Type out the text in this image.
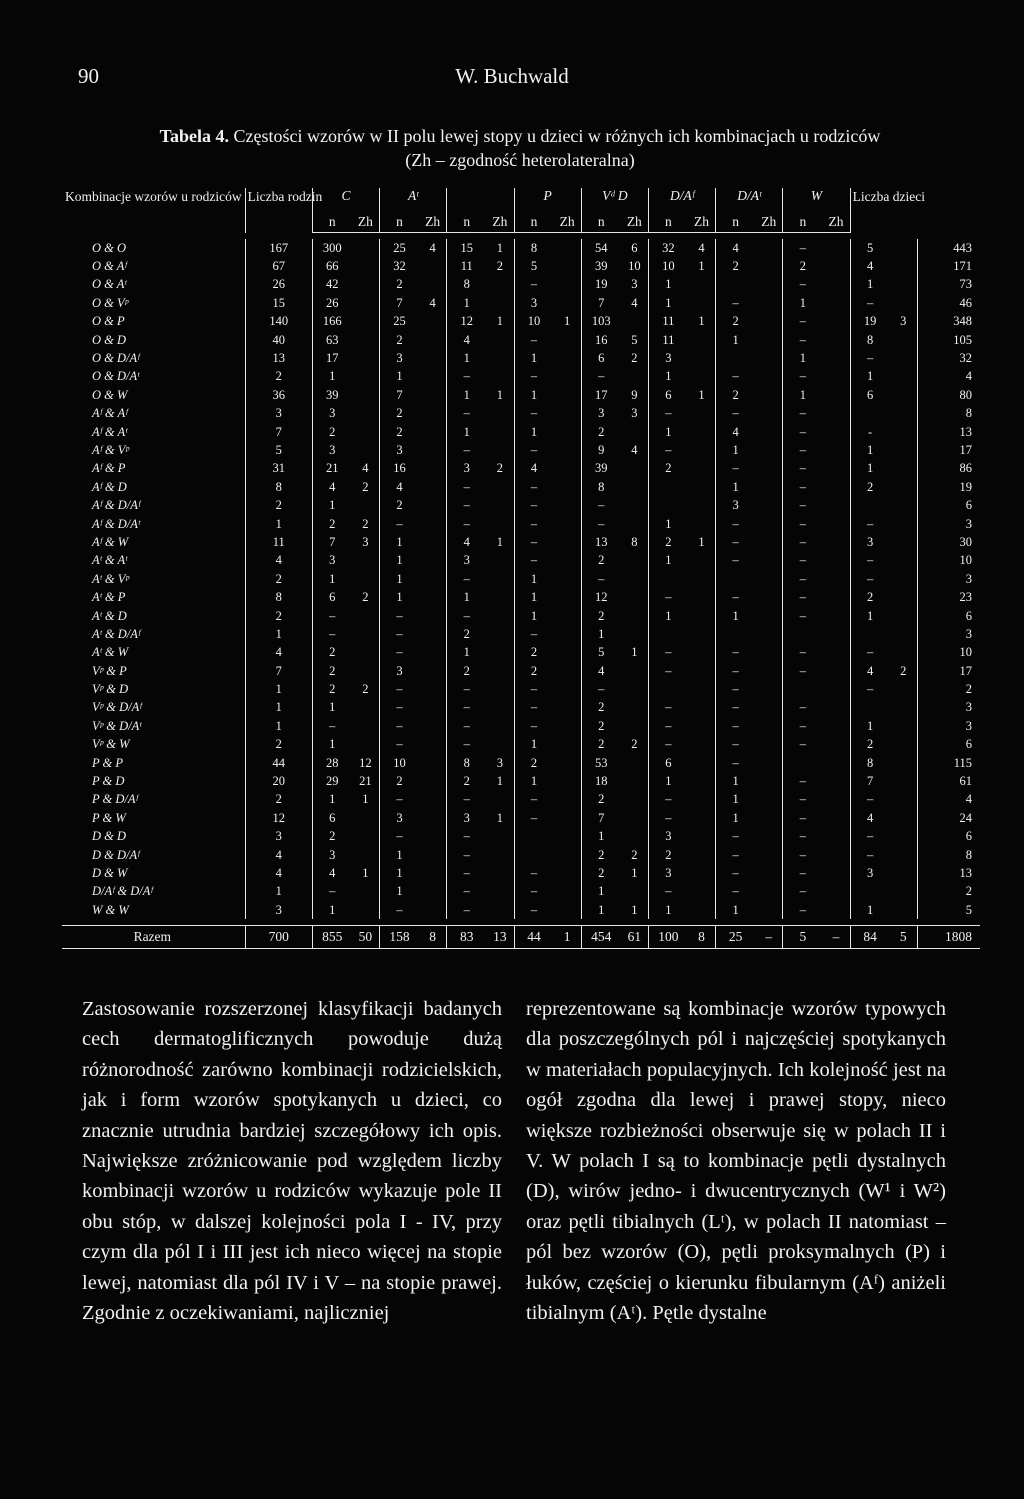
90	W. Buchwald
Tabela 4. Częstości wzorów w II polu lewej stopy u dzieci w różnych ich kombinacjach u rodziców
(Zh – zgodność heterolateralna)
Kombinacje wzorów u rodziców	Liczba rodzin	C		Aᵗ				P		Vᵈ D		D/Aᶠ		D/Aᵗ		W		Liczba dzieci		
		n	Zh	n	Zh	n	Zh	n	Zh	n	Zh	n	Zh	n	Zh	n	Zh			

O & O	167	300		25	4	15	1	8		54	6	32	4	4		–		5		443
O & Aᶠ	67	66		32		11	2	5		39	10	10	1	2		2		4		171
O & Aᵗ	26	42		2		8		–		19	3	1				–		1		73
O & Vᵖ	15	26		7	4	1		3		7	4	1		–		1		–		46
O & P	140	166		25		12	1	10	1	103		11	1	2		–		19	3	348
O & D	40	63		2		4		–		16	5	11		1		–		8		105
O & D/Aᶠ	13	17		3		1		1		6	2	3				1		–		32
O & D/Aᵗ	2	1		1		–		–		–		1		–		–		1		4
O & W	36	39		7		1	1	1		17	9	6	1	2		1		6		80
Aᶠ & Aᶠ	3	3		2		–		–		3	3	–		–		–				8
Aᶠ & Aᵗ	7	2		2		1		1		2		1		4		–		-		13
Aᶠ & Vᵖ	5	3		3		–		–		9	4	–		1		–		1		17
Aᶠ & P	31	21	4	16		3	2	4		39		2		–		–		1		86
Aᶠ & D	8	4	2	4		–		–		8				1		–		2		19
Aᶠ & D/Aᶠ	2	1		2		–		–		–				3		–				6
Aᶠ & D/Aᵗ	1	2	2	–		–		–		–		1		–		–		–		3
Aᶠ & W	11	7	3	1		4	1	–		13	8	2	1	–		–		3		30
Aᵗ & Aᵗ	4	3		1		3		–		2		1		–		–		–		10
Aᵗ & Vᵖ	2	1		1		–		1		–						–		–		3
Aᵗ & P	8	6	2	1		1		1		12		–		–		–		2		23
Aᵗ & D	2	–		–		–		1		2		1		1		–		1		6
Aᵗ & D/Aᶠ	1	–		–		2		–		1										3
Aᵗ & W	4	2		–		1		2		5	1	–		–		–		–		10
Vᵖ & P	7	2		3		2		2		4		–		–		–		4	2	17
Vᵖ & D	1	2	2	–		–		–		–				–				–		2
Vᵖ & D/Aᶠ	1	1		–		–		–		2		–		–		–				3
Vᵖ & D/Aᵗ	1	–		–		–		–		2		–		–		–		1		3
Vᵖ & W	2	1		–		–		1		2	2	–		–		–		2		6
P & P	44	28	12	10		8	3	2		53		6		–				8		115
P & D	20	29	21	2		2	1	1		18		1		1		–		7		61
P & D/Aᶠ	2	1	1	–		–		–		2		–		1		–		–		4
P & W	12	6		3		3	1	–		7		–		1		–		4		24
D & D	3	2		–		–				1		3		–		–		–		6
D & D/Aᶠ	4	3		1		–				2	2	2		–		–		–		8
D & W	4	4	1	1		–		–		2	1	3		–		–		3		13
D/Aᶠ & D/Aᶠ	1	–		1		–		–		1		–		–		–				2
W & W	3	1		–		–		–		1	1	1		1		–		1		5

Razem	700	855	50	158	8	83	13	44	1	454	61	100	8	25	–	5	–	84	5	1808
Zastosowanie rozszerzonej klasyfikacji badanych cech dermatoglificznych powoduje dużą różnorodność zarówno kombinacji rodzicielskich, jak i form wzorów spotykanych u dzieci, co znacznie utrudnia bardziej szczegółowy ich opis. Największe zróżnicowanie pod względem liczby kombinacji wzorów u rodziców wykazuje pole II obu stóp, w dalszej kolejności pola I - IV, przy czym dla pól I i III jest ich nieco więcej na stopie lewej, natomiast dla pól IV i V – na stopie prawej. Zgodnie z oczekiwaniami, najliczniej
reprezentowane są kombinacje wzorów typowych dla poszczególnych pól i najczęściej spotykanych w materiałach populacyjnych. Ich kolejność jest na ogół zgodna dla lewej i prawej stopy, nieco większe rozbieżności obserwuje się w polach II i V. W polach I są to kombinacje pętli dystalnych (D), wirów jedno- i dwucentrycznych (W¹ i W²) oraz pętli tibialnych (Lᵗ), w polach II natomiast – pól bez wzorów (O), pętli proksymalnych (P) i łuków, częściej o kierunku fibularnym (Aᶠ) aniżeli tibialnym (Aᵗ). Pętle dystalne
